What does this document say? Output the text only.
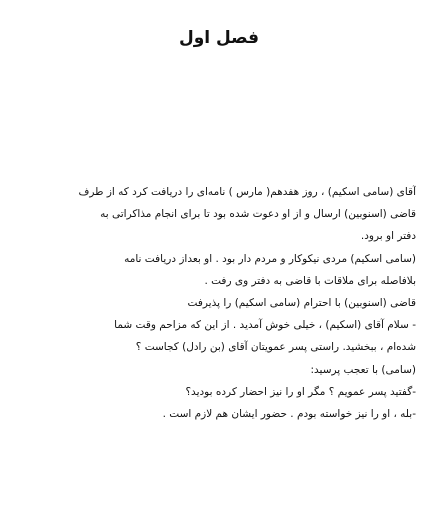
فصل اول
آقای (سامی اسکیم) ، روز هفدهم( مارس ) نامه‌ای را دریافت کرد که از طرف
قاضی (اسنوبین) ارسال و از او دعوت شده بود تا برای انجام مذاکراتی به
دفتر او برود.
(سامی اسکیم) مردی نیکوکار و مردم دار بود . او بعداز دریافت نامه
بلافاصله برای ملاقات با قاضی به دفتر وی رفت .
قاضی (اسنوبین) با احترام (سامی اسکیم) را پذیرفت
- سلام آقای (اسکیم) ، خیلی خوش آمدید . از این که مزاحم وقت شما
شده‌ام ، ببخشید. راستی پسر عمویتان آقای (بن رادل) کجاست ؟
(سامی) با تعجب پرسید:
-گفتید پسر عمویم ؟ مگر او را نیز احضار کرده بودید؟
-بله ، او را نیز خواسته بودم . حضور ایشان هم لازم است .
